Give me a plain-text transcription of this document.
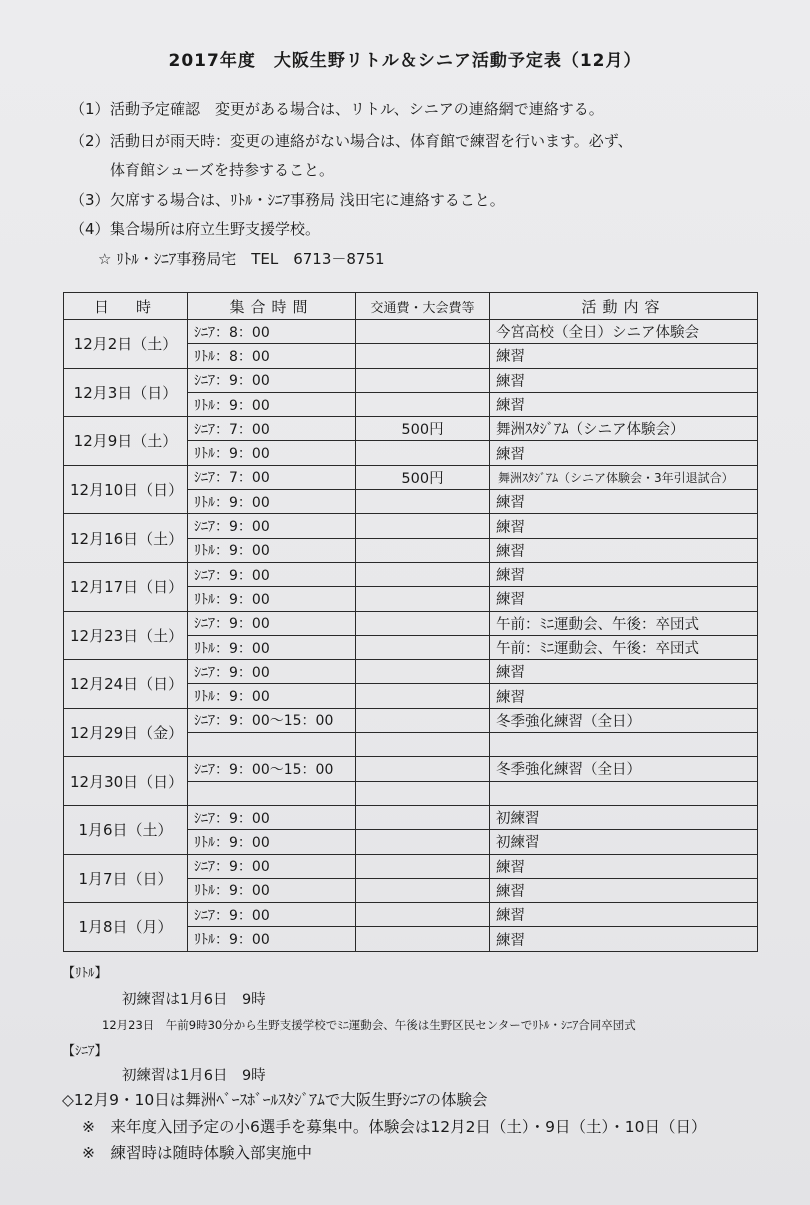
2017年度　大阪生野リトル＆シニア活動予定表（12月）
（1）活動予定確認　変更がある場合は、リトル、シニアの連絡網で連絡する。
（2）活動日が雨天時：変更の連絡がない場合は、体育館で練習を行います。必ず、
体育館シューズを持参すること。
（3）欠席する場合は、ﾘﾄﾙ・ｼﾆｱ事務局 浅田宅に連絡すること。
（4）集合場所は府立生野支援学校。
☆ ﾘﾄﾙ・ｼﾆｱ事務局宅　TEL　6713－8751
日　時	集合時間	交通費・大会費等	活動内容
12月2日（土）	ｼﾆｱ：8：00		今宮高校（全日）シニア体験会
	ﾘﾄﾙ：8：00		練習
12月3日（日）	ｼﾆｱ：9：00		練習
	ﾘﾄﾙ：9：00		練習
12月9日（土）	ｼﾆｱ：7：00	500円	舞洲ｽﾀｼﾞｱﾑ（シニア体験会）
	ﾘﾄﾙ：9：00		練習
12月10日（日）	ｼﾆｱ：7：00	500円	舞洲ｽﾀｼﾞｱﾑ（シニア体験会・3年引退試合）
	ﾘﾄﾙ：9：00		練習
12月16日（土）	ｼﾆｱ：9：00		練習
	ﾘﾄﾙ：9：00		練習
12月17日（日）	ｼﾆｱ：9：00		練習
	ﾘﾄﾙ：9：00		練習
12月23日（土）	ｼﾆｱ：9：00		午前：ﾐﾆ運動会、午後：卒団式
	ﾘﾄﾙ：9：00		午前：ﾐﾆ運動会、午後：卒団式
12月24日（日）	ｼﾆｱ：9：00		練習
	ﾘﾄﾙ：9：00		練習
12月29日（金）	ｼﾆｱ：9：00～15：00		冬季強化練習（全日）

12月30日（日）	ｼﾆｱ：9：00～15：00		冬季強化練習（全日）

1月6日（土）	ｼﾆｱ：9：00		初練習
	ﾘﾄﾙ：9：00		初練習
1月7日（日）	ｼﾆｱ：9：00		練習
	ﾘﾄﾙ：9：00		練習
1月8日（月）	ｼﾆｱ：9：00		練習
	ﾘﾄﾙ：9：00		練習
【ﾘﾄﾙ】
初練習は1月6日　9時
12月23日　午前9時30分から生野支援学校でﾐﾆ運動会、午後は生野区民センターでﾘﾄﾙ・ｼﾆｱ合同卒団式
【ｼﾆｱ】
初練習は1月6日　9時
◇12月9・10日は舞洲ﾍﾞｰｽﾎﾞｰﾙｽﾀｼﾞｱﾑで大阪生野ｼﾆｱの体験会
※　来年度入団予定の小6選手を募集中。体験会は12月2日（土）・9日（土）・10日（日）
※　練習時は随時体験入部実施中
